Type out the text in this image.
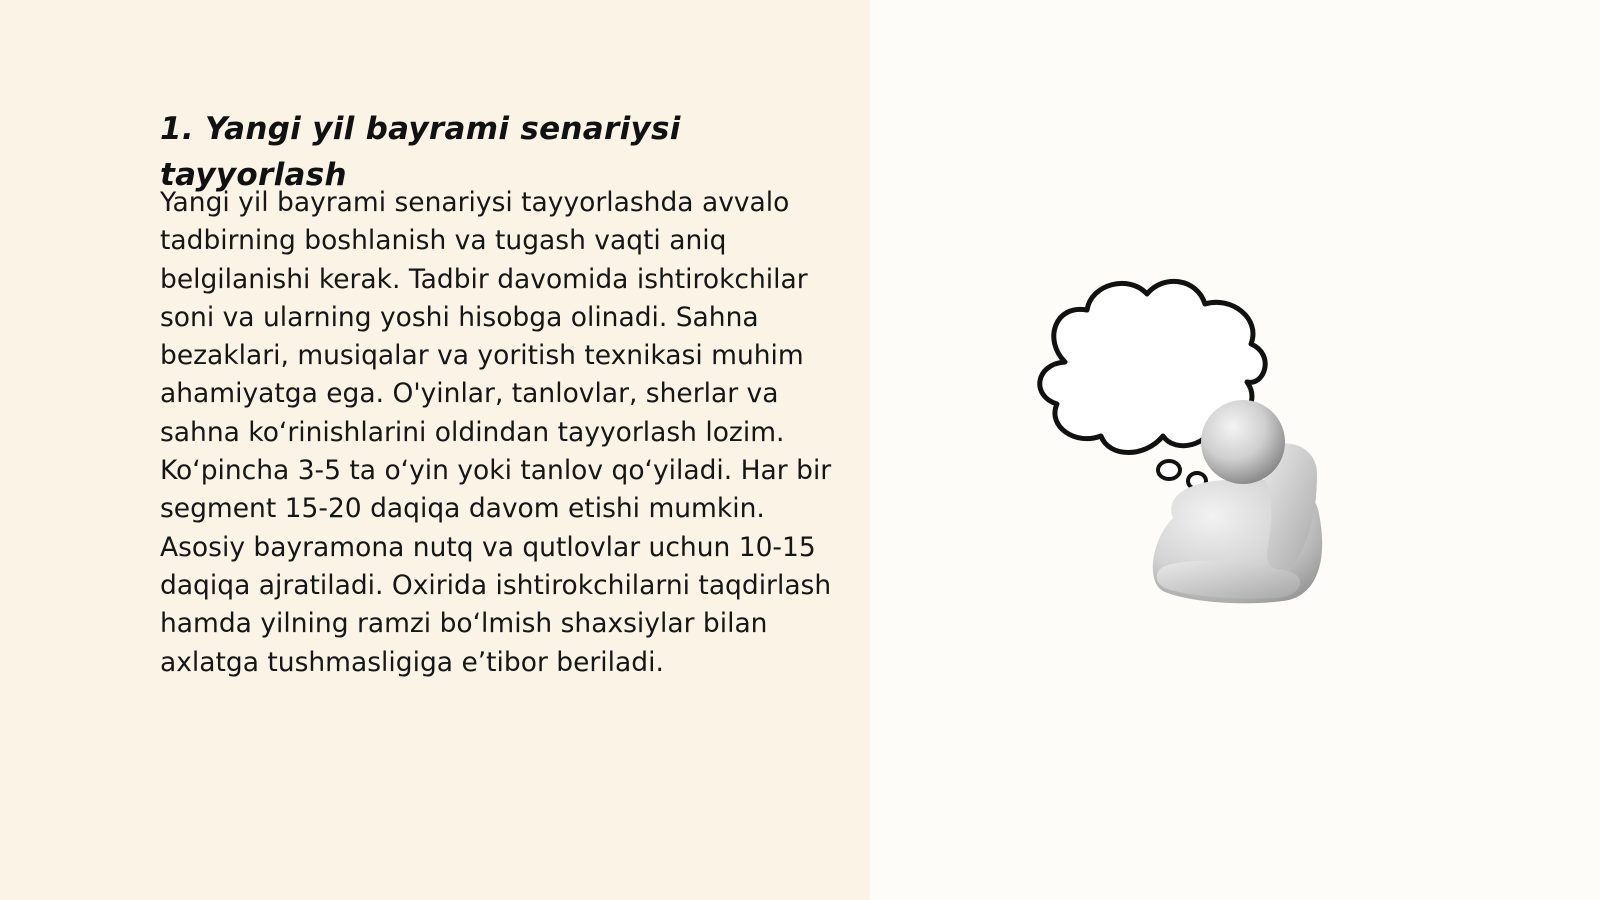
1. Yangi yil bayrami senariysi tayyorlash

Yangi yil bayrami senariysi tayyorlashda avvalo tadbirning boshlanish va tugash vaqti aniq belgilanishi kerak. Tadbir davomida ishtirokchilar soni va ularning yoshi hisobga olinadi. Sahna bezaklari, musiqalar va yoritish texnikasi muhim ahamiyatga ega. O'yinlar, tanlovlar, sherlar va sahna koʻrinishlarini oldindan tayyorlash lozim. Koʻpincha 3-5 ta oʻyin yoki tanlov qoʻyiladi. Har bir segment 15-20 daqiqa davom etishi mumkin. Asosiy bayramona nutq va qutlovlar uchun 10-15 daqiqa ajratiladi. Oxirida ishtirokchilarni taqdirlash hamda yilning ramzi boʻlmish shaxsiylar bilan axlatga tushmasligiga eʼtibor beriladi.
